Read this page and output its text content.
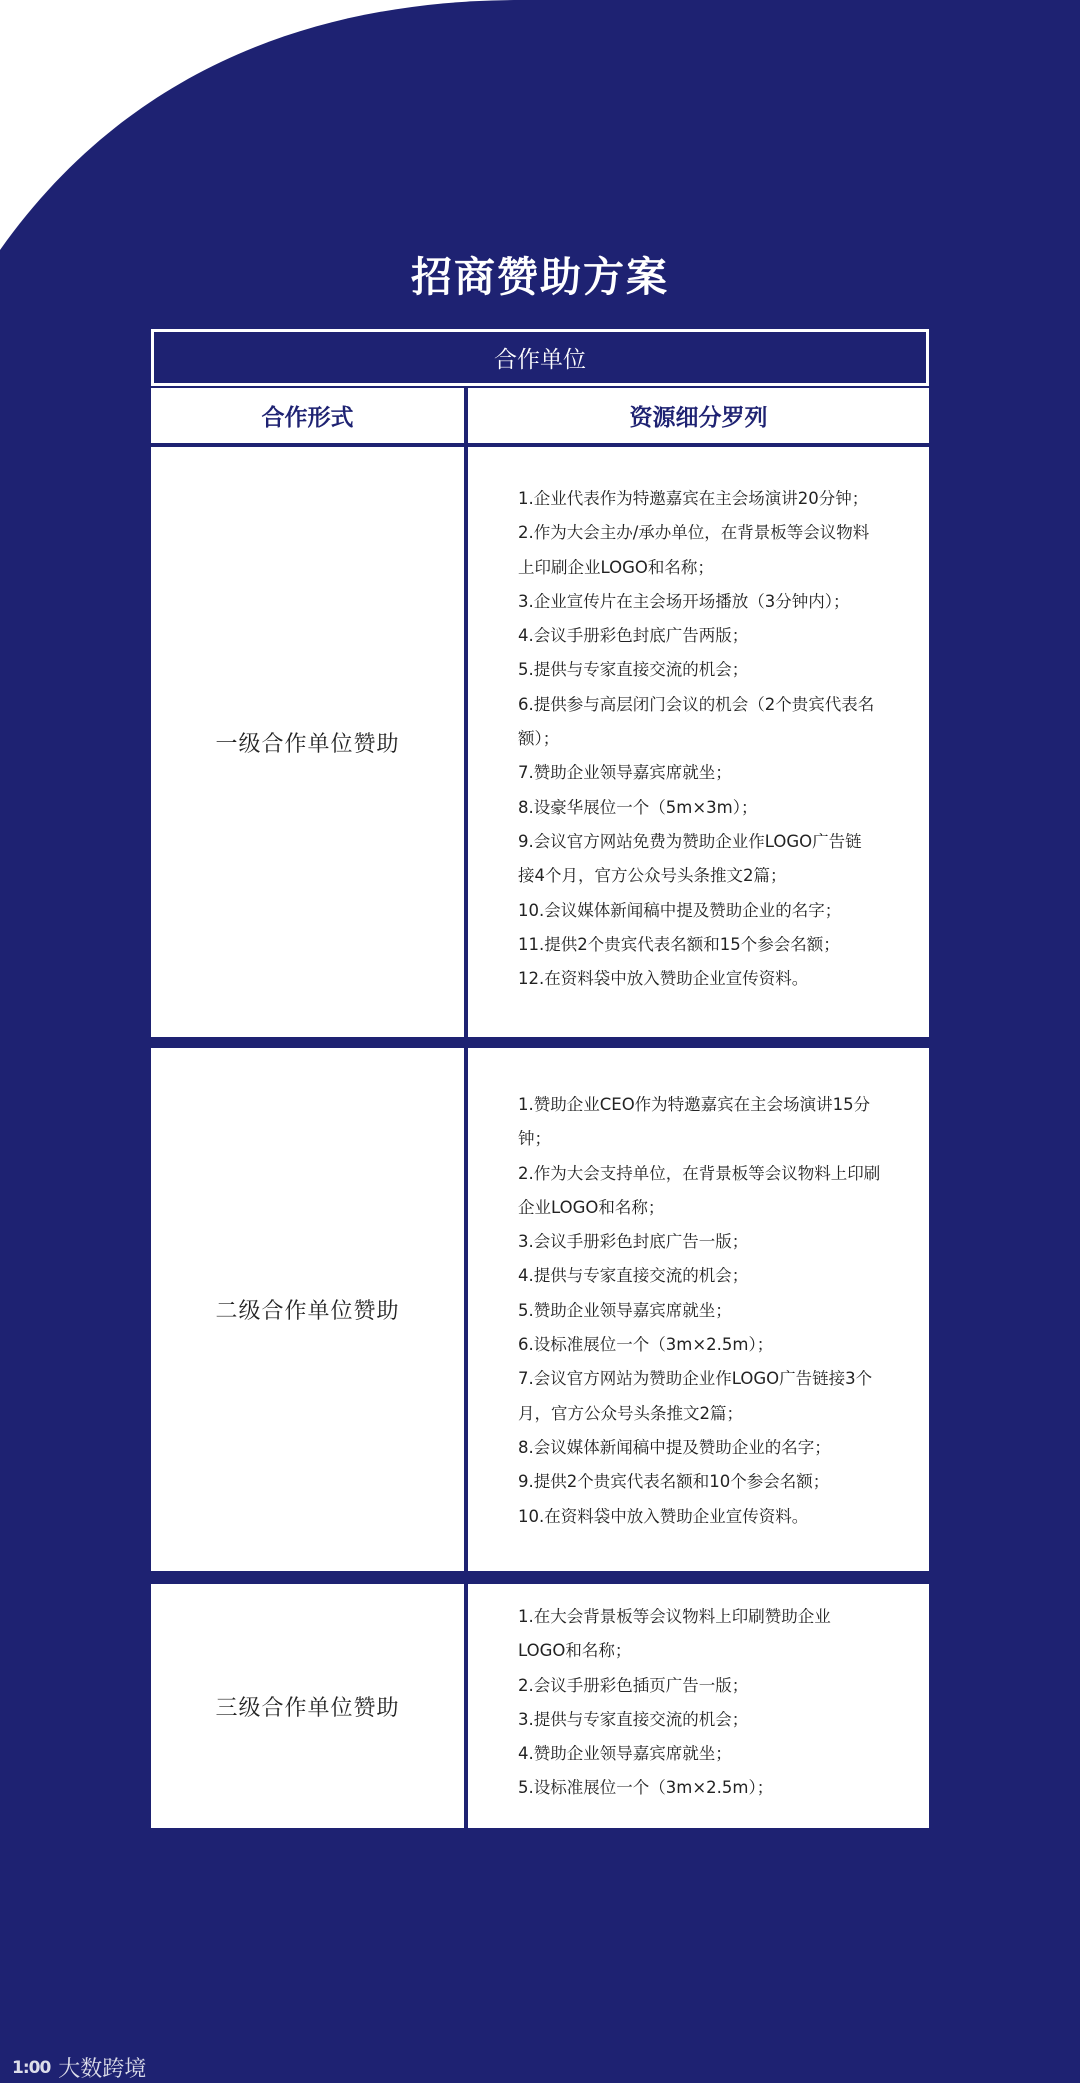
招商赞助方案
合作单位
合作形式	资源细分罗列
一级合作单位赞助
1.企业代表作为特邀嘉宾在主会场演讲20分钟；
2.作为大会主办/承办单位，在背景板等会议物料
上印刷企业LOGO和名称；
3.企业宣传片在主会场开场播放（3分钟内）；
4.会议手册彩色封底广告两版；
5.提供与专家直接交流的机会；
6.提供参与高层闭门会议的机会（2个贵宾代表名
额）；
7.赞助企业领导嘉宾席就坐；
8.设豪华展位一个（5m×3m）；
9.会议官方网站免费为赞助企业作LOGO广告链
接4个月，官方公众号头条推文2篇；
10.会议媒体新闻稿中提及赞助企业的名字；
11.提供2个贵宾代表名额和15个参会名额；
12.在资料袋中放入赞助企业宣传资料。
二级合作单位赞助
1.赞助企业CEO作为特邀嘉宾在主会场演讲15分
钟；
2.作为大会支持单位，在背景板等会议物料上印刷
企业LOGO和名称；
3.会议手册彩色封底广告一版；
4.提供与专家直接交流的机会；
5.赞助企业领导嘉宾席就坐；
6.设标准展位一个（3m×2.5m）；
7.会议官方网站为赞助企业作LOGO广告链接3个
月，官方公众号头条推文2篇；
8.会议媒体新闻稿中提及赞助企业的名字；
9.提供2个贵宾代表名额和10个参会名额；
10.在资料袋中放入赞助企业宣传资料。
三级合作单位赞助
1.在大会背景板等会议物料上印刷赞助企业
LOGO和名称；
2.会议手册彩色插页广告一版；
3.提供与专家直接交流的机会；
4.赞助企业领导嘉宾席就坐；
5.设标准展位一个（3m×2.5m）；
1:00 大数跨境
